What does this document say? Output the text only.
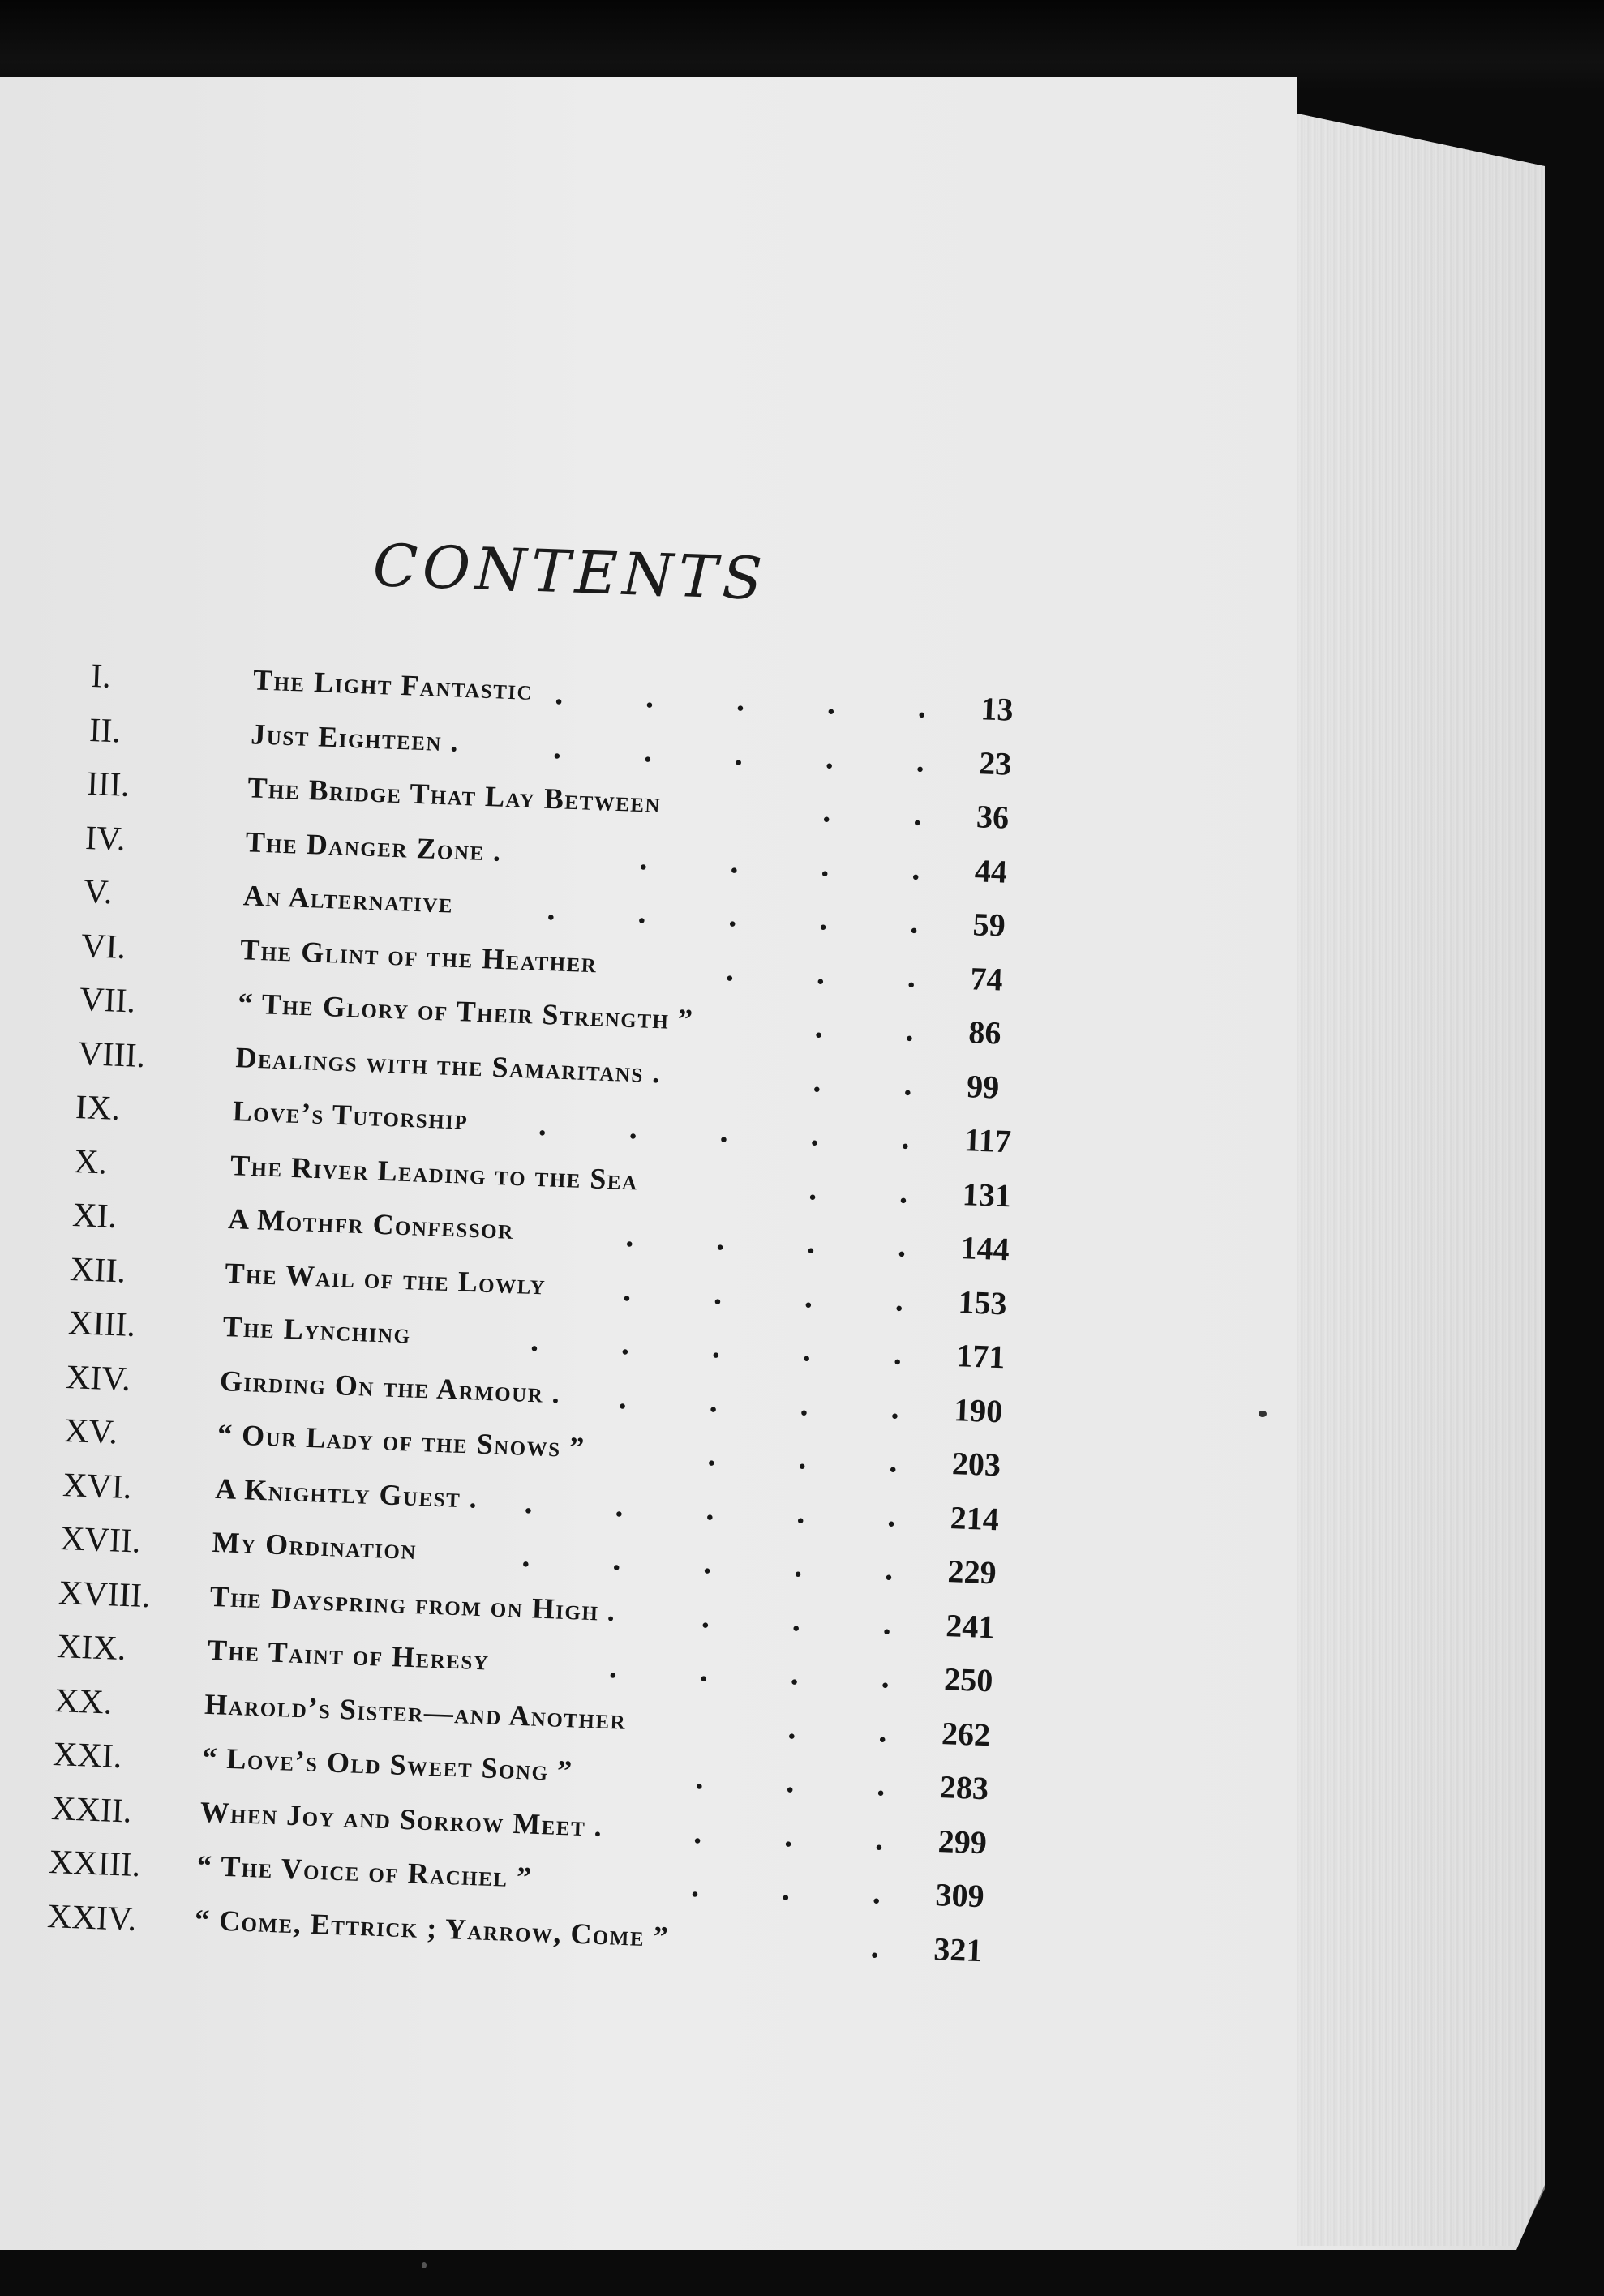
CONTENTS
I.	The Light Fantastic . . . . . 13
II.	Just Eighteen .	. . . . . 23
III.	The Bridge That Lay Between	. . 36
IV.	The Danger Zone .	. . . . 44
V.	An Alternative	. . . . . 59
VI.	The Glint of the Heather	. . . 74
VII.	“ The Glory of Their Strength ”	. . 86
VIII.	Dealings with the Samaritans .	. . 99
IX.	Love’s Tutorship . . . . . 117
X.	The River Leading to the Sea	. . 131
XI.	A Mothfr Confessor	. . . . 144
XII.	The Wail of the Lowly . . . . 153
XIII.	The Lynching	. . . . . 171
XIV.	Girding On the Armour . . . . . 190
XV.	“ Our Lady of the Snows ”	. . . 203
XVI.	A Knightly Guest . . . . . . 214
XVII. My Ordination	. . . . . 229
XVIII. The Dayspring from on High .	. . . 241
XIX.	The Taint of Heresy	. . . . 250
XX.	Harold’s Sister—and Another	. . 262
XXI.	“ Love’s Old Sweet Song ”	. . . 283
XXII. When Joy and Sorrow Meet .	. . . 299
XXIII. “ The Voice of Rachel ”	. . . 309
XXIV. “ Come, Ettrick ; Yarrow, Come ”	. 321
